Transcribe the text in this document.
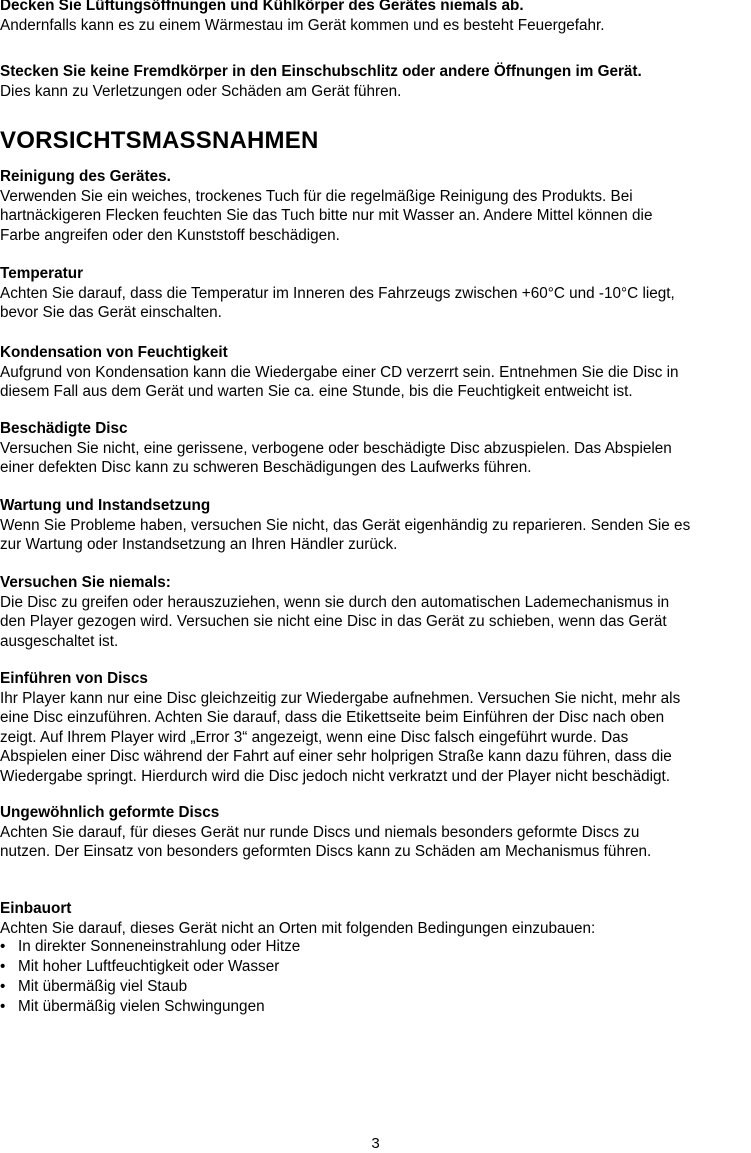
Decken Sie Lüftungsöffnungen und Kühlkörper des Gerätes niemals ab.
Andernfalls kann es zu einem Wärmestau im Gerät kommen und es besteht Feuergefahr.
Stecken Sie keine Fremdkörper in den Einschubschlitz oder andere Öffnungen im Gerät.
Dies kann zu Verletzungen oder Schäden am Gerät führen.
VORSICHTSMASSNAHMEN
Reinigung des Gerätes.
Verwenden Sie ein weiches, trockenes Tuch für die regelmäßige Reinigung des Produkts. Bei
hartnäckigeren Flecken feuchten Sie das Tuch bitte nur mit Wasser an. Andere Mittel können die
Farbe angreifen oder den Kunststoff beschädigen.
Temperatur
Achten Sie darauf, dass die Temperatur im Inneren des Fahrzeugs zwischen +60°C und -10°C liegt,
bevor Sie das Gerät einschalten.
Kondensation von Feuchtigkeit
Aufgrund von Kondensation kann die Wiedergabe einer CD verzerrt sein. Entnehmen Sie die Disc in
diesem Fall aus dem Gerät und warten Sie ca. eine Stunde, bis die Feuchtigkeit entweicht ist.
Beschädigte Disc
Versuchen Sie nicht, eine gerissene, verbogene oder beschädigte Disc abzuspielen. Das Abspielen
einer defekten Disc kann zu schweren Beschädigungen des Laufwerks führen.
Wartung und Instandsetzung
Wenn Sie Probleme haben, versuchen Sie nicht, das Gerät eigenhändig zu reparieren. Senden Sie es
zur Wartung oder Instandsetzung an Ihren Händler zurück.
Versuchen Sie niemals:
Die Disc zu greifen oder herauszuziehen, wenn sie durch den automatischen Lademechanismus in
den Player gezogen wird. Versuchen sie nicht eine Disc in das Gerät zu schieben, wenn das Gerät
ausgeschaltet ist.
Einführen von Discs
Ihr Player kann nur eine Disc gleichzeitig zur Wiedergabe aufnehmen. Versuchen Sie nicht, mehr als
eine Disc einzuführen. Achten Sie darauf, dass die Etikettseite beim Einführen der Disc nach oben
zeigt. Auf Ihrem Player wird „Error 3“ angezeigt, wenn eine Disc falsch eingeführt wurde. Das
Abspielen einer Disc während der Fahrt auf einer sehr holprigen Straße kann dazu führen, dass die
Wiedergabe springt. Hierdurch wird die Disc jedoch nicht verkratzt und der Player nicht beschädigt.
Ungewöhnlich geformte Discs
Achten Sie darauf, für dieses Gerät nur runde Discs und niemals besonders geformte Discs zu
nutzen. Der Einsatz von besonders geformten Discs kann zu Schäden am Mechanismus führen.
Einbauort
Achten Sie darauf, dieses Gerät nicht an Orten mit folgenden Bedingungen einzubauen:
• In direkter Sonneneinstrahlung oder Hitze
• Mit hoher Luftfeuchtigkeit oder Wasser
• Mit übermäßig viel Staub
• Mit übermäßig vielen Schwingungen
3
